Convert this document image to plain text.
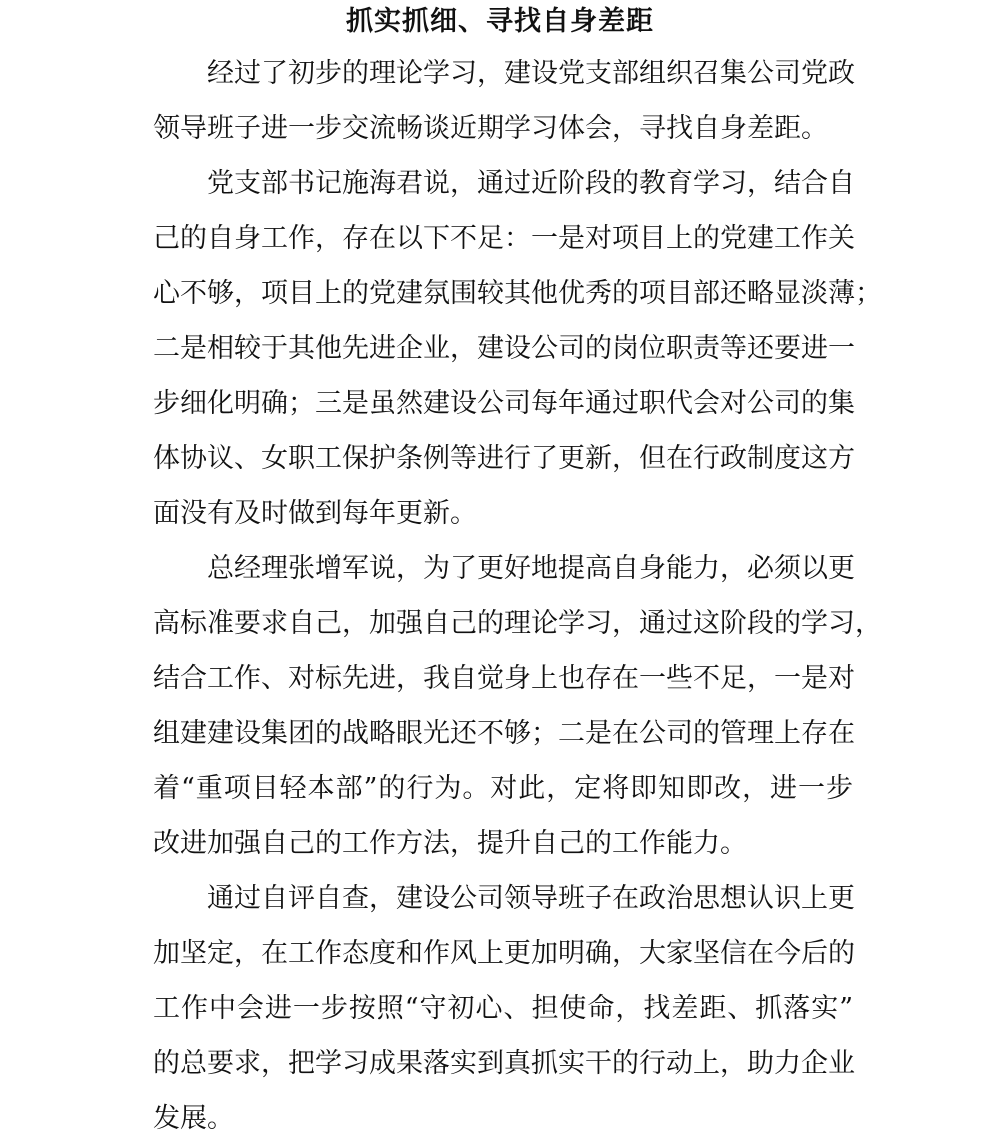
抓实抓细、寻找自身差距
经过了初步的理论学习，建设党支部组织召集公司党政
领导班子进一步交流畅谈近期学习体会，寻找自身差距。
党支部书记施海君说，通过近阶段的教育学习，结合自
己的自身工作，存在以下不足：一是对项目上的党建工作关
心不够，项目上的党建氛围较其他优秀的项目部还略显淡薄；
二是相较于其他先进企业，建设公司的岗位职责等还要进一
步细化明确；三是虽然建设公司每年通过职代会对公司的集
体协议、女职工保护条例等进行了更新，但在行政制度这方
面没有及时做到每年更新。
总经理张增军说，为了更好地提高自身能力，必须以更
高标准要求自己，加强自己的理论学习，通过这阶段的学习，
结合工作、对标先进，我自觉身上也存在一些不足，一是对
组建建设集团的战略眼光还不够；二是在公司的管理上存在
着“重项目轻本部”的行为。对此，定将即知即改，进一步
改进加强自己的工作方法，提升自己的工作能力。
通过自评自查，建设公司领导班子在政治思想认识上更
加坚定，在工作态度和作风上更加明确，大家坚信在今后的
工作中会进一步按照“守初心、担使命，找差距、抓落实”
的总要求，把学习成果落实到真抓实干的行动上，助力企业
发展。
